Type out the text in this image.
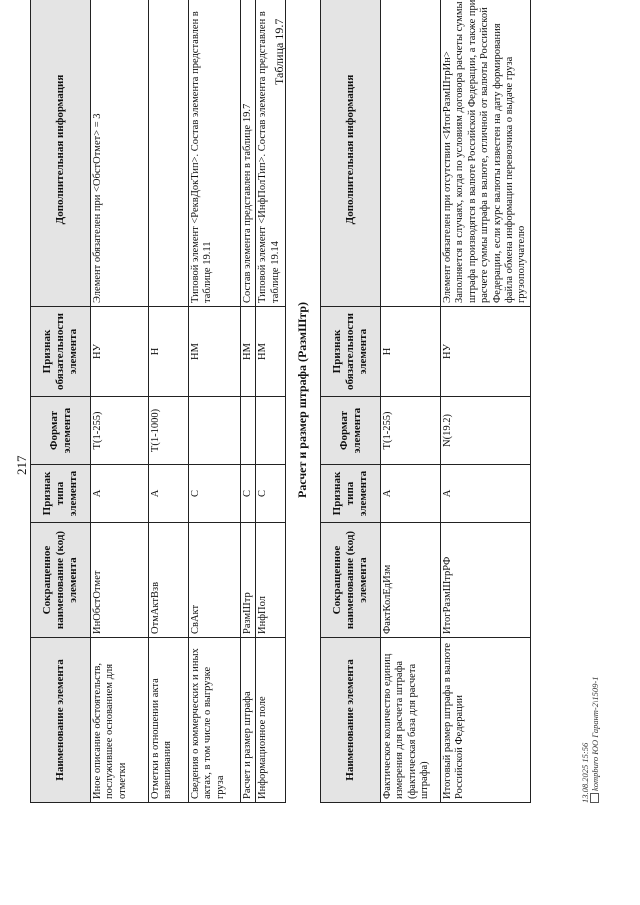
217
Наименование элемента	Сокращенное наименование (код) элемента	Признак типа элемента	Формат элемента	Признак обязательности элемента	Дополнительная информация
Иное описание обстоятельств, послужившее основанием для отметки	ИнОбстОтмет	А	T(1-255)	НУ	Элемент обязателен при <ОбстОтмет> = 3
Отметки в отношении акта взвешивания	ОтмАктВзв	А	T(1-1000)	Н	
Сведения о коммерческих и иных актах, в том числе о выгрузке груза	СвАкт	С		НМ	Типовой элемент <РеквДокТип>. Состав элемента представлен в таблице 19.11
Расчет и размер штрафа	РазмШтр	С		НМ	Состав элемента представлен в таблице 19.7
Информационное поле	ИнфПол	С		НМ	Типовой элемент <ИнфПолТип>. Состав элемента представлен в таблице 19.14
Таблица 19.7
Расчет и размер штрафа (РазмШтр)
Наименование элемента	Сокращенное наименование (код) элемента	Признак типа элемента	Формат элемента	Признак обязательности элемента	Дополнительная информация
Фактическое количество единиц измерения для расчета штрафа (фактическая база для расчета штрафа)	ФактКолЕдИзм	А	T(1-255)	Н	
Итоговый размер штрафа в валюте Российской Федерации	ИтогРазмШтрРФ	А	N(19.2)	НУ	Элемент обязателен при отсутствии <ИтогРазмШтрИн> Заполняется в случаях, когда по условиям договора расчеты суммы штрафа производятся в валюте Российской Федерации, а также при расчете суммы штрафа в валюте, отличной от валюты Российской Федерации, если курс валюты известен на дату формирования файла обмена информации перевозчика о выдаче груза грузополучателю
13.08.2025 15:56 kompburo ЮО Гарант-2\1509-1
